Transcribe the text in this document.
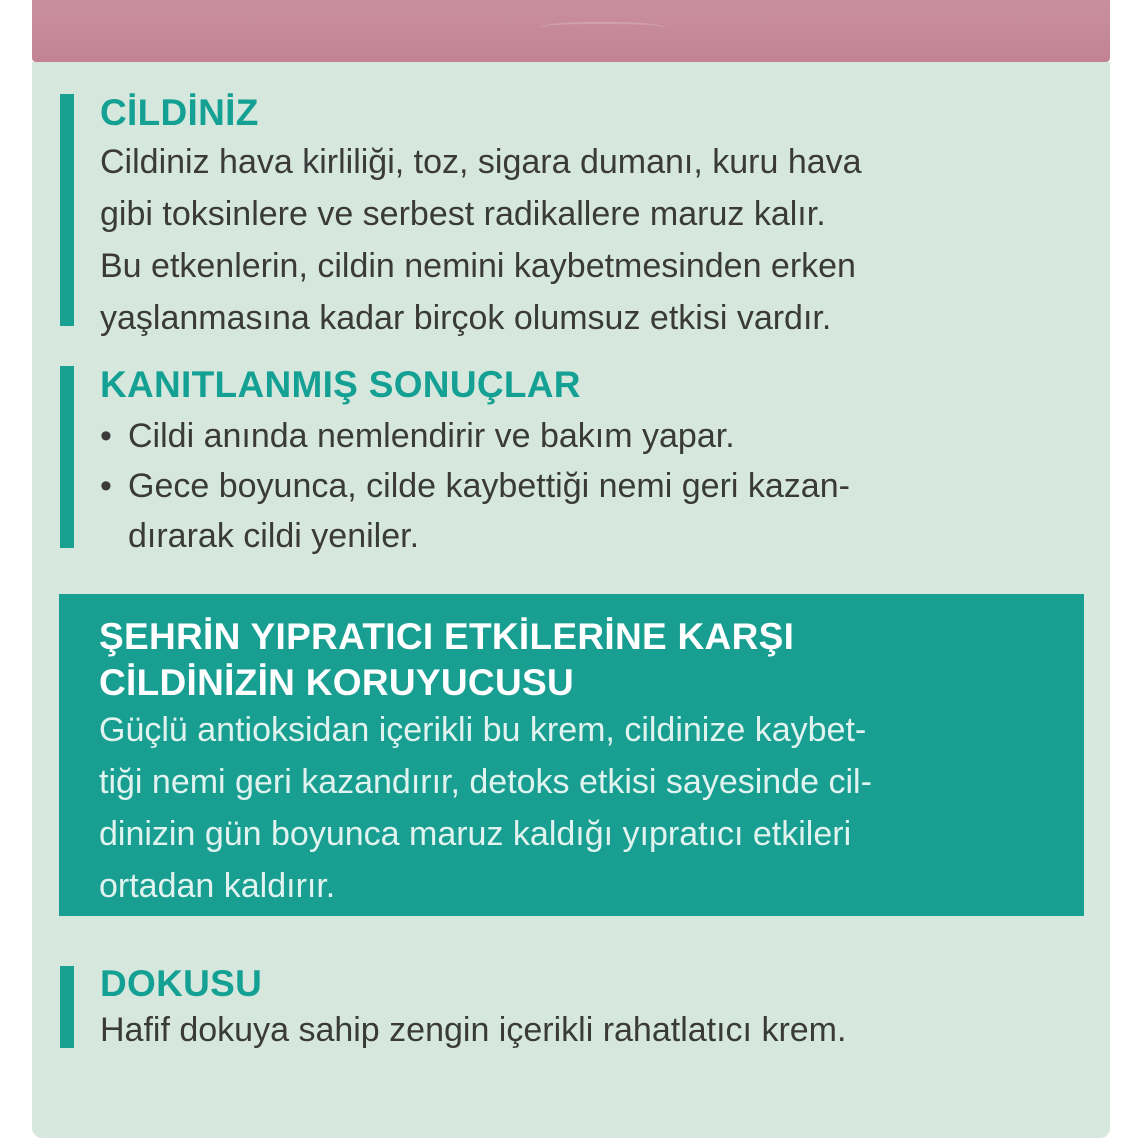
CİLDİNİZ
Cildiniz hava kirliliği, toz, sigara dumanı, kuru hava
gibi toksinlere ve serbest radikallere maruz kalır.
Bu etkenlerin, cildin nemini kaybetmesinden erken
yaşlanmasına kadar birçok olumsuz etkisi vardır.
KANITLANMIŞ SONUÇLAR
• Cildi anında nemlendirir ve bakım yapar.
• Gece boyunca, cilde kaybettiği nemi geri kazan-
dırarak cildi yeniler.
ŞEHRİN YIPRATICI ETKİLERİNE KARŞI
CİLDİNİZİN KORUYUCUSU
Güçlü antioksidan içerikli bu krem, cildinize kaybet-
tiği nemi geri kazandırır, detoks etkisi sayesinde cil-
dinizin gün boyunca maruz kaldığı yıpratıcı etkileri
ortadan kaldırır.
DOKUSU
Hafif dokuya sahip zengin içerikli rahatlatıcı krem.
